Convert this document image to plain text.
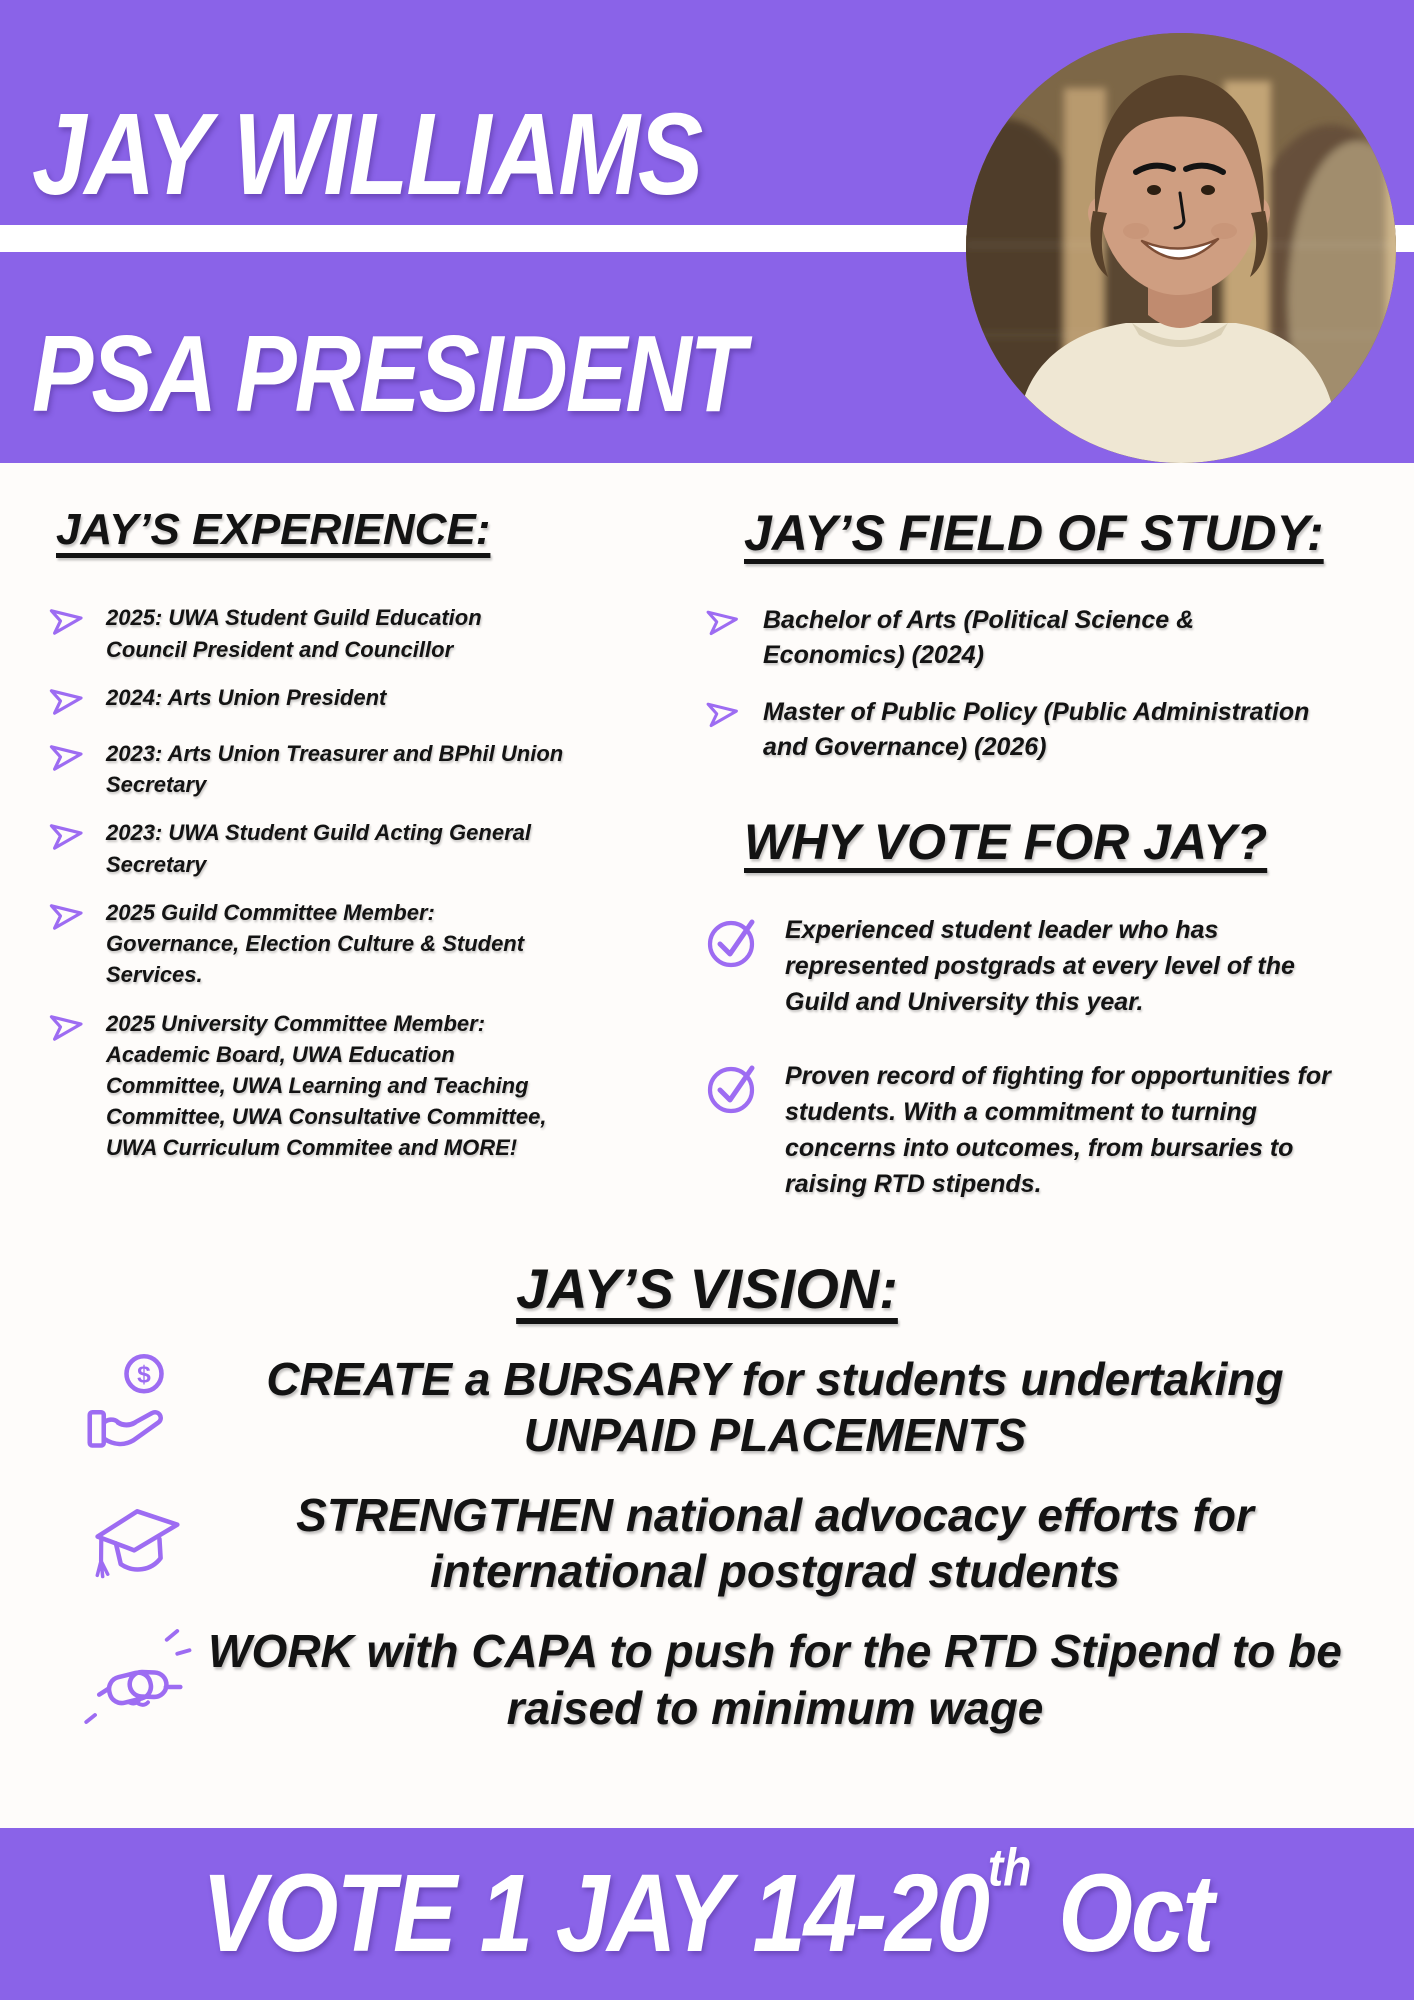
JAY WILLIAMS
PSA PRESIDENT
JAY’S EXPERIENCE:
2025: UWA Student Guild Education Council President and Councillor
2024: Arts Union President
2023: Arts Union Treasurer and BPhil Union Secretary
2023: UWA Student Guild Acting General Secretary
2025 Guild Committee Member: Governance, Election Culture & Student Services.
2025 University Committee Member: Academic Board, UWA Education Committee, UWA Learning and Teaching Committee, UWA Consultative Committee, UWA Curriculum Commitee and MORE!
JAY’S FIELD OF STUDY:
Bachelor of Arts (Political Science & Economics) (2024)
Master of Public Policy (Public Administration and Governance) (2026)
WHY VOTE FOR JAY?
Experienced student leader who has represented postgrads at every level of the Guild and University this year.
Proven record of fighting for opportunities for students. With a commitment to turning concerns into outcomes, from bursaries to raising RTD stipends.
JAY’S VISION:
$	CREATE a BURSARY for students undertaking UNPAID PLACEMENTS
STRENGTHEN national advocacy efforts for international postgrad students
WORK with CAPA to push for the RTD Stipend to be raised to minimum wage
VOTE 1 JAY 14-20th Oct
